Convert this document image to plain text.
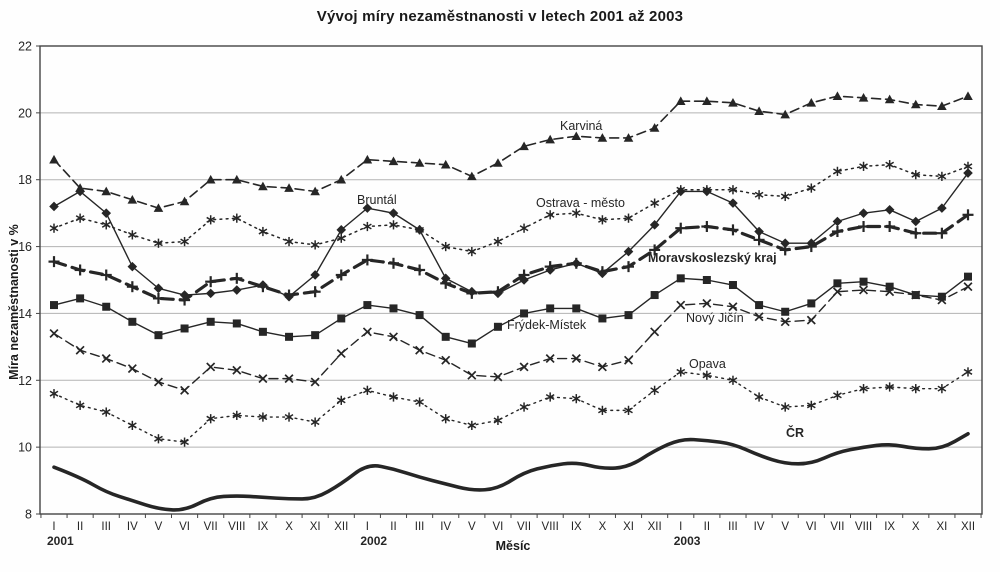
Vývoj míry nezaměstnanosti v letech 2001 až 2003
Míra nezaměstnanosti v %
8
10
12
14
16
18
20
22
I II III IV V VI VII VIII IX X XI XII I II III IV V VI VII VIII IX X XI XII I II III IV V VI VII VIII IX X XI XII
2001	2002	2003
Karviná
Bruntál	Ostrava - město
Moravskoslezský kraj
Frýdek-Místek	Nový Jičín
Opava
ČR
Měsíc
